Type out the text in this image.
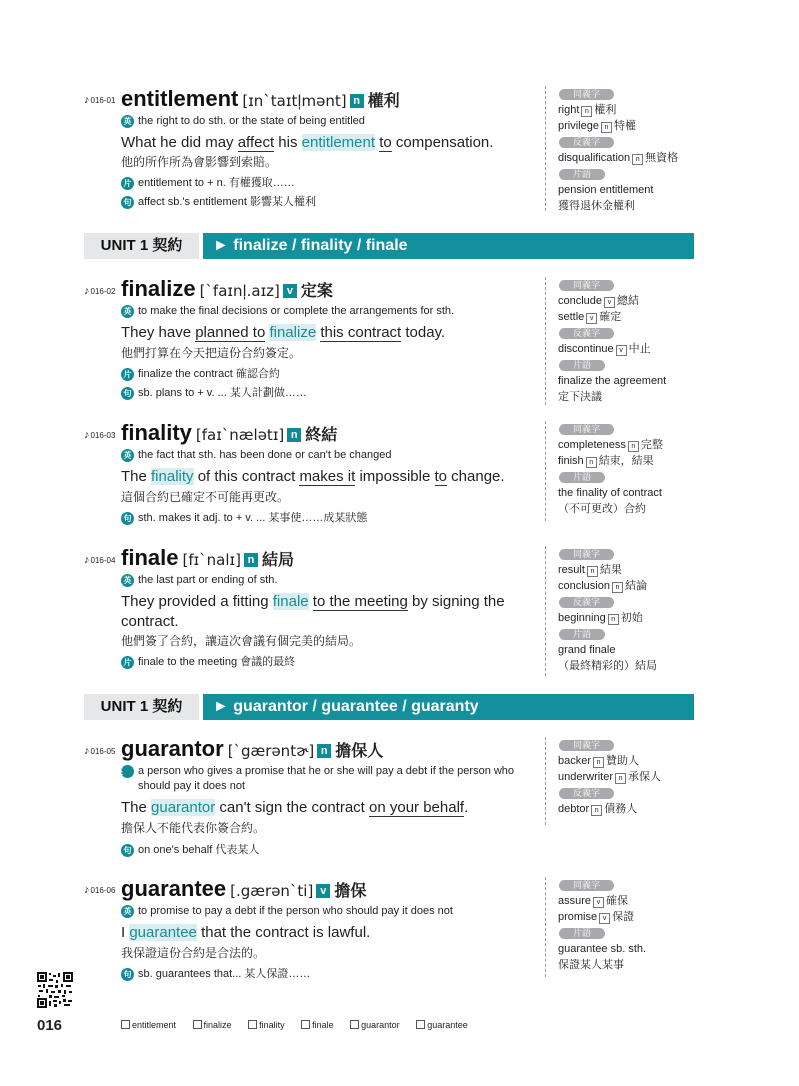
♪016-01 entitlement [ɪn`taɪtl̩mənt] n 權利
英 the right to do sth. or the state of being entitled
What he did may affect his entitlement to compensation.
他的所作所為會影響到索賠。
片 entitlement to + n. 有權獲取……
句 affect sb.'s entitlement 影響某人權利
同義字
right n 權利
privilege n 特權
反義字
disqualification n 無資格
片語
pension entitlement
獲得退休金權利
UNIT 1 契約	► finalize / finality / finale
♪016-02 finalize [`faɪnl̩.aɪz] v 定案
英 to make the final decisions or complete the arrangements for sth.
They have planned to finalize this contract today.
他們打算在今天把這份合約簽定。
片 finalize the contract 確認合約
句 sb. plans to + v. ... 某人計劃做……
同義字
conclude v 總結
settle v 確定
反義字
discontinue v 中止
片語
finalize the agreement
定下決議
♪016-03 finality [faɪ`nælətɪ] n 終結
英 the fact that sth. has been done or can't be changed
The finality of this contract makes it impossible to change.
這個合約已確定不可能再更改。
句 sth. makes it adj. to + v. ... 某事使……成某狀態
同義字
completeness n 完整
finish n 結束，結果
片語
the finality of contract
（不可更改）合約
♪016-04 finale [fɪ`nalɪ] n 結局
英 the last part or ending of sth.
They provided a fitting finale to the meeting by signing the contract.
他們簽了合約，讓這次會議有個完美的結局。
片 finale to the meeting 會議的最終
同義字
result n 結果
conclusion n 結論
反義字
beginning n 初始
片語
grand finale
（最終精彩的）結局
UNIT 1 契約	► guarantor / guarantee / guaranty
♪016-05 guarantor [`gærəntɚ] n 擔保人
英 a person who gives a promise that he or she will pay a debt if the person who should pay it does not
The guarantor can't sign the contract on your behalf.
擔保人不能代表你簽合約。
句 on one's behalf 代表某人
同義字
backer n 贊助人
underwriter n 承保人
反義字
debtor n 債務人
♪016-06 guarantee [.gærən`ti] v 擔保
英 to promise to pay a debt if the person who should pay it does not
I guarantee that the contract is lawful.
我保證這份合約是合法的。
句 sb. guarantees that... 某人保證……
同義字
assure v 確保
promise v 保證
片語
guarantee sb. sth.
保證某人某事
016	entitlement	finalize	finality	finale	guarantor	guarantee
